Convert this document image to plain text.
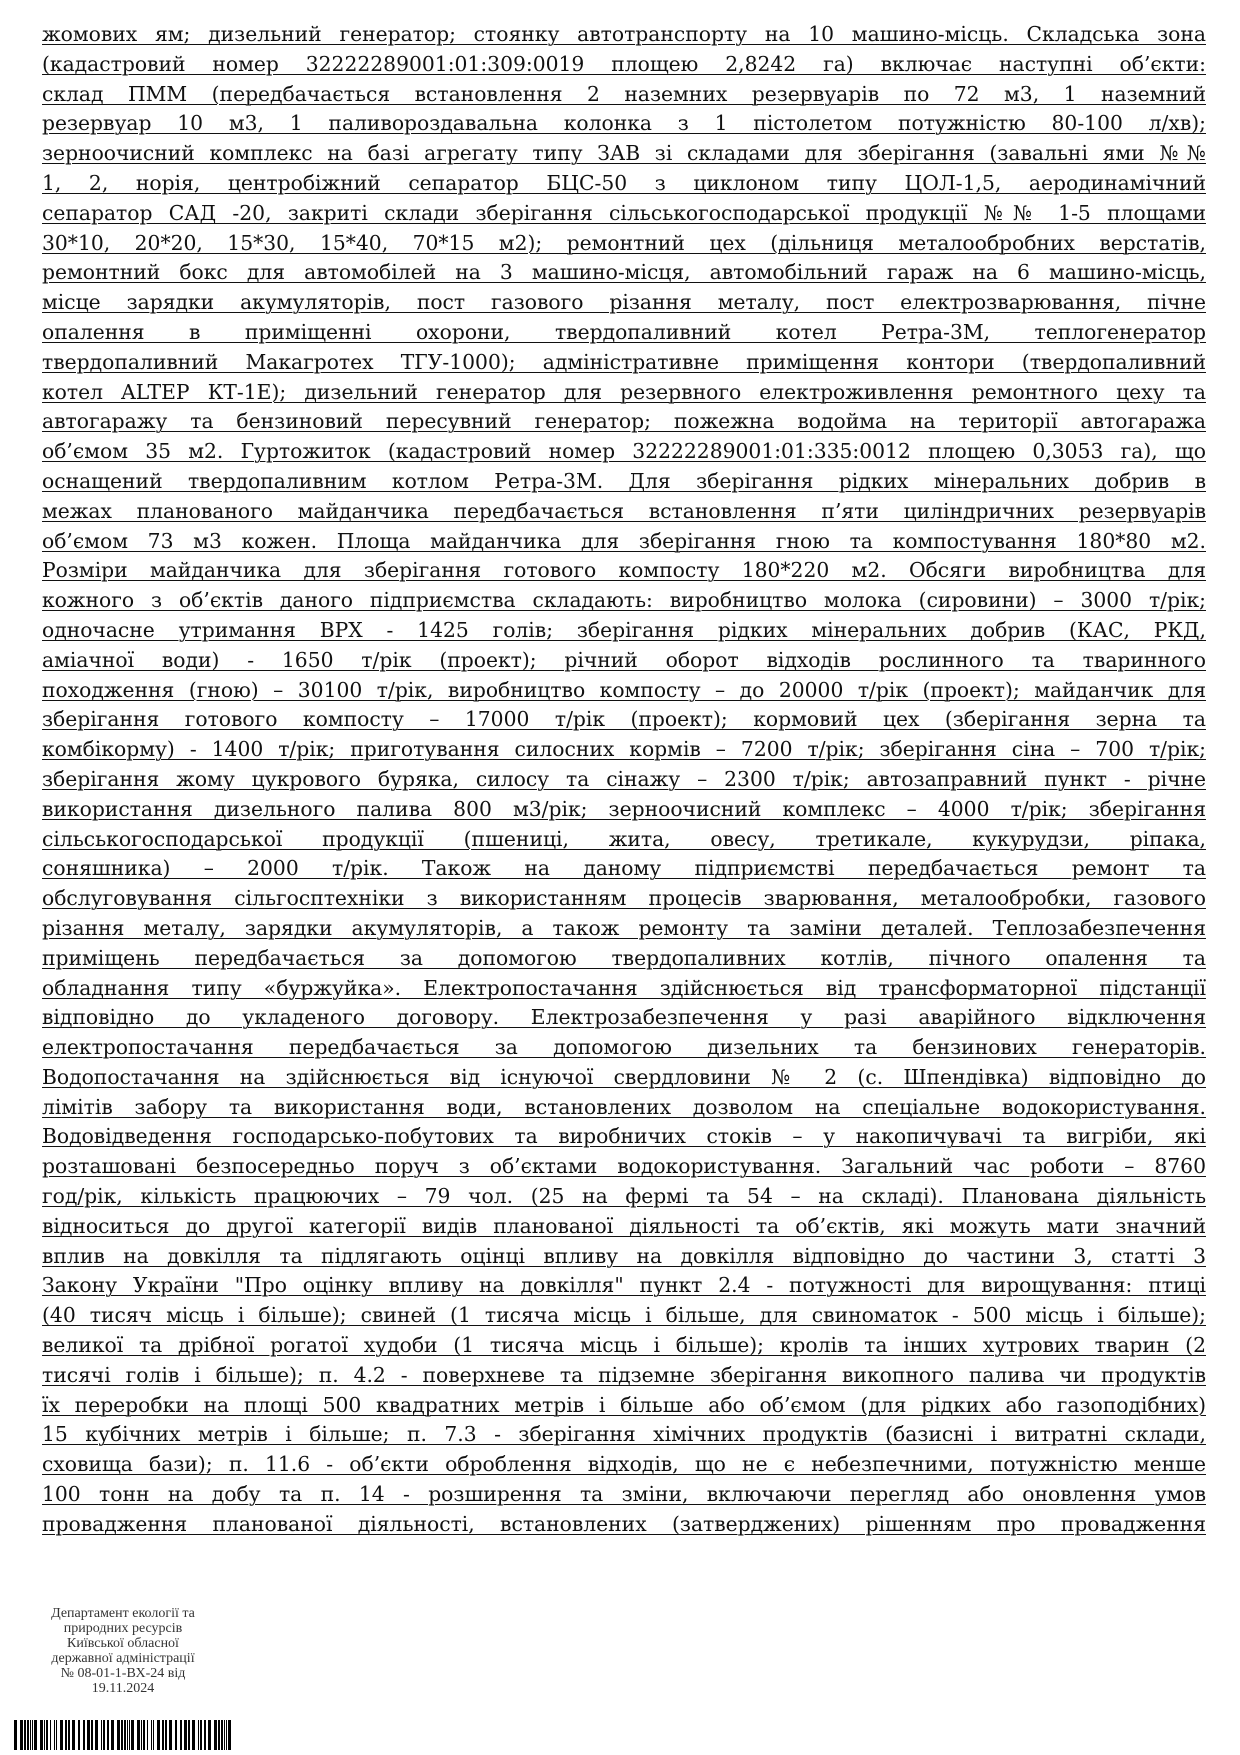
жомових ям; дизельний генератор; стоянку автотранспорту на 10 машино-місць. Складська зона
(кадастровий номер 32222289001:01:309:0019 площею 2,8242 га) включає наступні об’єкти:
склад ПММ (передбачається встановлення 2 наземних резервуарів по 72 м3, 1 наземний
резервуар 10 м3, 1 паливороздавальна колонка з 1 пістолетом потужністю 80-100 л/хв);
зерноочисний комплекс на базі агрегату типу ЗАВ зі складами для зберігання (завальні ями №№
1, 2, норія, центробіжний сепаратор БЦС-50 з циклоном типу ЦОЛ-1,5, аеродинамічний
сепаратор САД -20, закриті склади зберігання сільськогосподарської продукції №№ 1-5 площами
30*10, 20*20, 15*30, 15*40, 70*15 м2); ремонтний цех (дільниця металообробних верстатів,
ремонтний бокс для автомобілей на 3 машино-місця, автомобільний гараж на 6 машино-місць,
місце зарядки акумуляторів, пост газового різання металу, пост електрозварювання, пічне
опалення в приміщенні охорони, твердопаливний котел Ретра-3М, теплогенератор
твердопаливний Макагротех ТГУ-1000); адміністративне приміщення контори (твердопаливний
котел ALTEP КТ-1Е); дизельний генератор для резервного електроживлення ремонтного цеху та
автогаражу та бензиновий пересувний генератор; пожежна водойма на території автогаража
об’ємом 35 м2. Гуртожиток (кадастровий номер 32222289001:01:335:0012 площею 0,3053 га), що
оснащений твердопаливним котлом Ретра-3М. Для зберігання рідких мінеральних добрив в
межах планованого майданчика передбачається встановлення п’яти циліндричних резервуарів
об’ємом 73 м3 кожен. Площа майданчика для зберігання гною та компостування 180*80 м2.
Розміри майданчика для зберігання готового компосту 180*220 м2. Обсяги виробництва для
кожного з об’єктів даного підприємства складають: виробництво молока (сировини) – 3000 т/рік;
одночасне утримання ВРХ - 1425 голів; зберігання рідких мінеральних добрив (КАС, РКД,
аміачної води) - 1650 т/рік (проект); річний оборот відходів рослинного та тваринного
походження (гною) – 30100 т/рік, виробництво компосту – до 20000 т/рік (проект); майданчик для
зберігання готового компосту – 17000 т/рік (проект); кормовий цех (зберігання зерна та
комбікорму) - 1400 т/рік; приготування силосних кормів – 7200 т/рік; зберігання сіна – 700 т/рік;
зберігання жому цукрового буряка, силосу та сінажу – 2300 т/рік; автозаправний пункт - річне
використання дизельного палива 800 м3/рік; зерноочисний комплекс – 4000 т/рік; зберігання
сільськогосподарської продукції (пшениці, жита, овесу, третикале, кукурудзи, ріпака,
соняшника) – 2000 т/рік. Також на даному підприємстві передбачається ремонт та
обслуговування сільгосптехніки з використанням процесів зварювання, металообробки, газового
різання металу, зарядки акумуляторів, а також ремонту та заміни деталей. Теплозабезпечення
приміщень передбачається за допомогою твердопаливних котлів, пічного опалення та
обладнання типу «буржуйка». Електропостачання здійснюється від трансформаторної підстанції
відповідно до укладеного договору. Електрозабезпечення у разі аварійного відключення
електропостачання передбачається за допомогою дизельних та бензинових генераторів.
Водопостачання на здійснюється від існуючої свердловини № 2 (с. Шпендівка) відповідно до
лімітів забору та використання води, встановлених дозволом на спеціальне водокористування.
Водовідведення господарсько-побутових та виробничих стоків – у накопичувачі та вигріби, які
розташовані безпосередньо поруч з об’єктами водокористування. Загальний час роботи – 8760
год/рік, кількість працюючих – 79 чол. (25 на фермі та 54 – на складі). Планована діяльність
відноситься до другої категорії видів планованої діяльності та об’єктів, які можуть мати значний
вплив на довкілля та підлягають оцінці впливу на довкілля відповідно до частини 3, статті 3
Закону України "Про оцінку впливу на довкілля" пункт 2.4 - потужності для вирощування: птиці
(40 тисяч місць і більше); свиней (1 тисяча місць і більше, для свиноматок - 500 місць і більше);
великої та дрібної рогатої худоби (1 тисяча місць і більше); кролів та інших хутрових тварин (2
тисячі голів і більше); п. 4.2 - поверхневе та підземне зберігання викопного палива чи продуктів
їх переробки на площі 500 квадратних метрів і більше або об’ємом (для рідких або газоподібних)
15 кубічних метрів і більше; п. 7.3 - зберігання хімічних продуктів (базисні і витратні склади,
сховища бази); п. 11.6 - об’єкти оброблення відходів, що не є небезпечними, потужністю менше
100 тонн на добу та п. 14 - розширення та зміни, включаючи перегляд або оновлення умов
провадження планованої діяльності, встановлених (затверджених) рішенням про провадження
Департамент екології та
природних ресурсів
Київської обласної
державної адміністрації
№ 08-01-1-ВХ-24 від
19.11.2024
